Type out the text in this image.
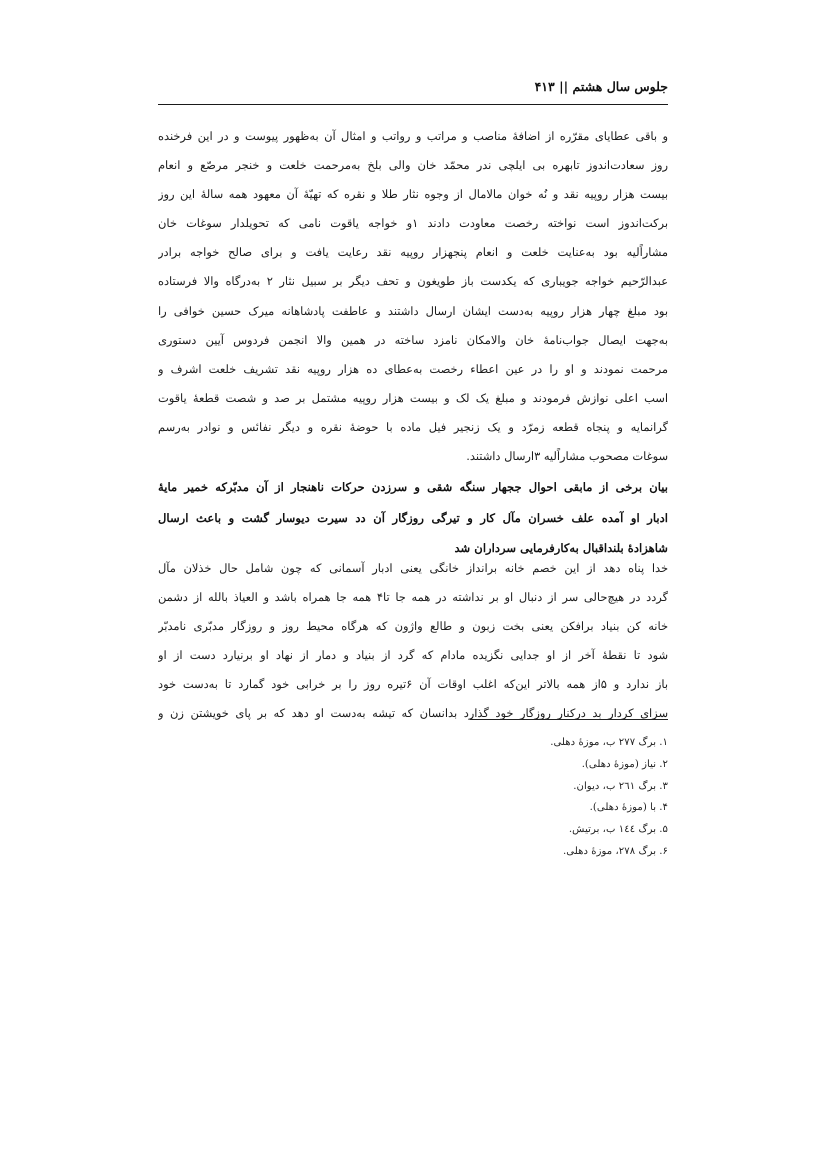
جلوس سال هشتم || ۴۱۳
و باقی عطایای مقرّره از اضافۀ مناصب و مراتب و رواتب و امثال آن به‌ظهور پیوست و در این فرخنده
روز سعادت‌اندوز تابهره بی ایلچی ندر محمّد خان والی بلخ به‌مرحمت خلعت و خنجر مرصّع و انعام
بیست هزار روپیه نقد و نُه خوان مالامال از وجوه نثار طلا و نقره که تهیّۀ آن معهود همه سالۀ این روز
برکت‌اندوز است نواخته رخصت معاودت دادند ۱و خواجه یاقوت نامی که تحویلدار سوغات خان
مشاراًلیه بود به‌عنایت خلعت و انعام پنجهزار روپیه نقد رعایت یافت و برای صالح خواجه برادر
عبدالرّحیم خواجه جویباری که یکدست باز طویغون و تحف دیگر بر سبیل نثار ۲ به‌درگاه والا فرستاده
بود مبلغ چهار هزار روپیه به‌دست ایشان ارسال داشتند و عاطفت پادشاهانه میرک حسین خوافی را
به‌جهت ایصال جواب‌نامۀ خان والامکان نامزد ساخته در همین والا انجمن فردوس آیین دستوری
مرحمت نمودند و او را در عین اعطاء رخصت به‌عطای ده هزار روپیه نقد تشریف خلعت اشرف و
اسب اعلی نوازش فرمودند و مبلغ یک لک و بیست هزار روپیه مشتمل بر صد و شصت قطعۀ یاقوت
گرانمایه و پنجاه قطعه زمرّد و یک زنجیر فیل ماده با حوضۀ نقره و دیگر نفائس و نوادر به‌رسم
سوغات مصحوب مشاراًلیه ۳ارسال داشتند.
بیان برخی از مابقی احوال ججهار سنگه شقی و سرزدن حرکات ناهنجار از آن مدبّرکه خمیر مایۀ
ادبار او آمده علف خسران مآل کار و تیرگی روزگار آن دد سیرت دیوسار گشت و باعث ارسال
شاهزادۀ بلنداقبال به‌کارفرمایی سرداران شد
خدا پناه دهد از این خصم خانه برانداز خانگی یعنی ادبار آسمانی که چون شامل حال خذلان مآل
گردد در هیچ‌حالی سر از دنبال او بر نداشته در همه جا تا۴ همه جا همراه باشد و العیاذ بالله از دشمن
خانه کن بنیاد برافکن یعنی بخت زبون و طالع واژون که هرگاه محیط روز و روزگار مدبّری نامدبّر
شود تا نقطۀ آخر از او جدایی نگزیده مادام که گرد از بنیاد و دمار از نهاد او برنیارد دست از او
باز ندارد و ۵از همه بالاتر این‌که اغلب اوقات آن ۶تیره روز را بر خرابی خود گمارد تا به‌دست خود
سزای کردار بد درکنار روزگار خود گذارد بدانسان که تیشه به‌دست او دهد که بر پای خویشتن زن و
۱. برگ ۲۷۷ ب، موزۀ دهلی.
۲. نیاز (موزۀ دهلی).
۳. برگ ۲٦۱ ب، دیوان.
۴. با (موزۀ دهلی).
۵. برگ ۱٤٤ ب، برتیش.
۶. برگ ۲۷۸، موزۀ دهلی.
